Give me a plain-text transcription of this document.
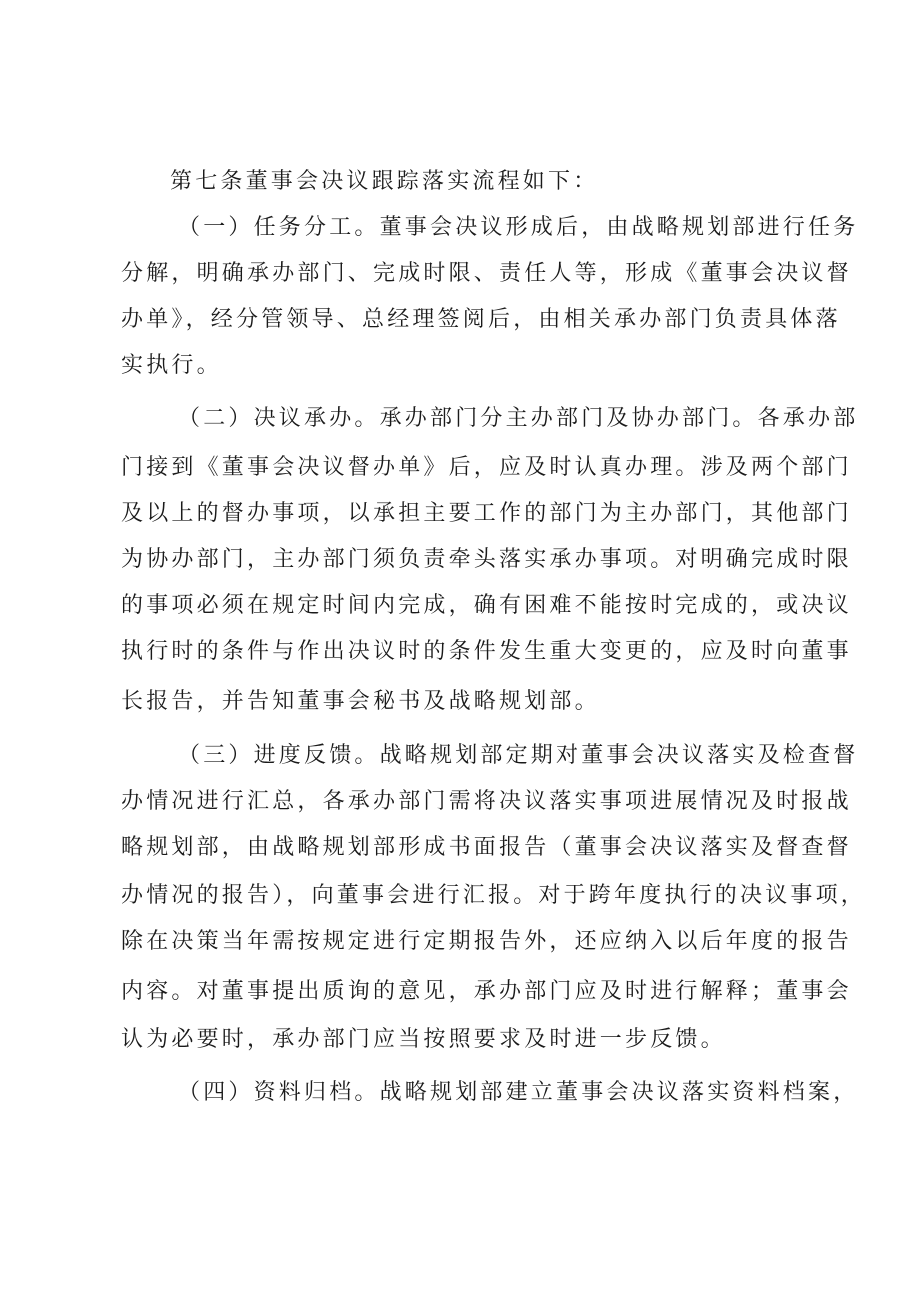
第七条董事会决议跟踪落实流程如下：
（一）任务分工。董事会决议形成后，由战略规划部进行任务
分解，明确承办部门、完成时限、责任人等，形成《董事会决议督
办单》，经分管领导、总经理签阅后，由相关承办部门负责具体落
实执行。
（二）决议承办。承办部门分主办部门及协办部门。各承办部
门接到《董事会决议督办单》后，应及时认真办理。涉及两个部门
及以上的督办事项，以承担主要工作的部门为主办部门，其他部门
为协办部门，主办部门须负责牵头落实承办事项。对明确完成时限
的事项必须在规定时间内完成，确有困难不能按时完成的，或决议
执行时的条件与作出决议时的条件发生重大变更的，应及时向董事
长报告，并告知董事会秘书及战略规划部。
（三）进度反馈。战略规划部定期对董事会决议落实及检查督
办情况进行汇总，各承办部门需将决议落实事项进展情况及时报战
略规划部，由战略规划部形成书面报告（董事会决议落实及督查督
办情况的报告），向董事会进行汇报。对于跨年度执行的决议事项，
除在决策当年需按规定进行定期报告外，还应纳入以后年度的报告
内容。对董事提出质询的意见，承办部门应及时进行解释；董事会
认为必要时，承办部门应当按照要求及时进一步反馈。
（四）资料归档。战略规划部建立董事会决议落实资料档案，
